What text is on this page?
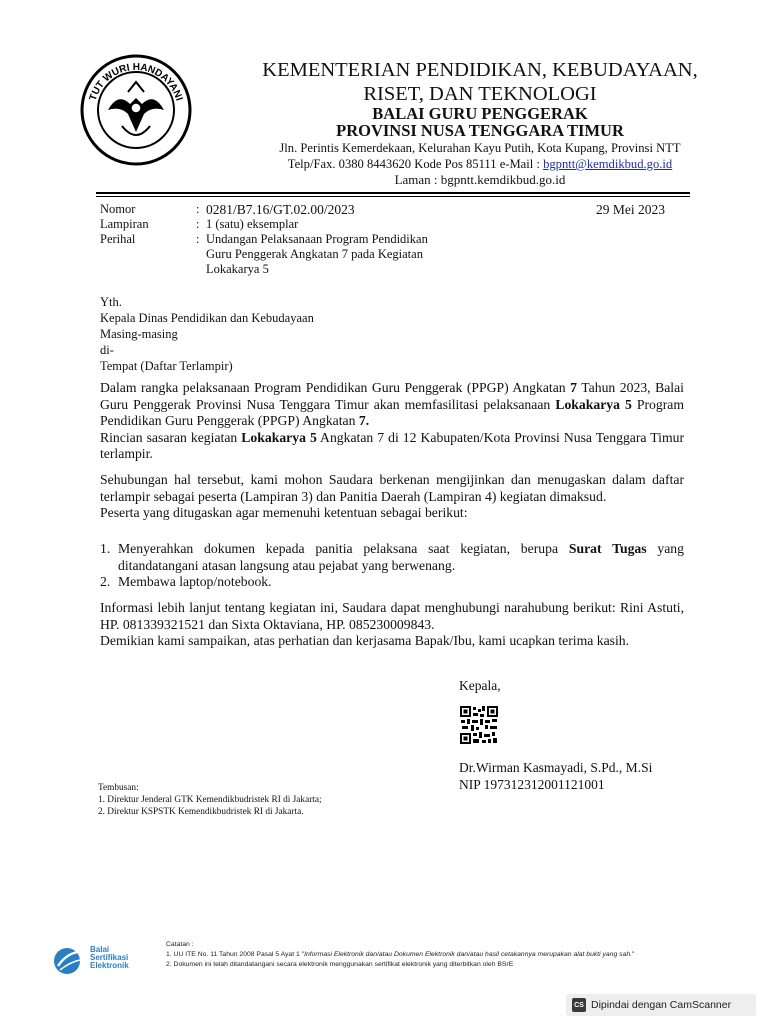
TUT WURI HANDAYANI
KEMENTERIAN PENDIDIKAN, KEBUDAYAAN,
RISET, DAN TEKNOLOGI
BALAI GURU PENGGERAK
PROVINSI NUSA TENGGARA TIMUR
Jln. Perintis Kemerdekaan, Kelurahan Kayu Putih, Kota Kupang, Provinsi NTT
Telp/Fax. 0380 8443620 Kode Pos 85111 e-Mail : bgpntt@kemdikbud.go.id
Laman : bgpntt.kemdikbud.go.id
Nomor	: 0281/B7.16/GT.02.00/2023
Lampiran	: 1 (satu) eksemplar
Perihal	: Undangan Pelaksanaan Program Pendidikan
Guru Penggerak Angkatan 7 pada Kegiatan
Lokakarya 5
29 Mei 2023
Yth.
Kepala Dinas Pendidikan dan Kebudayaan
Masing-masing
di-
Tempat (Daftar Terlampir)
Dalam rangka pelaksanaan Program Pendidikan Guru Penggerak (PPGP) Angkatan 7 Tahun 2023, Balai Guru Penggerak Provinsi Nusa Tenggara Timur akan memfasilitasi pelaksanaan Lokakarya 5 Program Pendidikan Guru Penggerak (PPGP) Angkatan 7.
Rincian sasaran kegiatan Lokakarya 5 Angkatan 7 di 12 Kabupaten/Kota Provinsi Nusa Tenggara Timur terlampir.
Sehubungan hal tersebut, kami mohon Saudara berkenan mengijinkan dan menugaskan dalam daftar terlampir sebagai peserta (Lampiran 3) dan Panitia Daerah (Lampiran 4) kegiatan dimaksud.
Peserta yang ditugaskan agar memenuhi ketentuan sebagai berikut:
1. Menyerahkan dokumen kepada panitia pelaksana saat kegiatan, berupa Surat Tugas yang ditandatangani atasan langsung atau pejabat yang berwenang.
2. Membawa laptop/notebook.
Informasi lebih lanjut tentang kegiatan ini, Saudara dapat menghubungi narahubung berikut: Rini Astuti, HP. 081339321521 dan Sixta Oktaviana, HP. 085230009843.
Demikian kami sampaikan, atas perhatian dan kerjasama Bapak/Ibu, kami ucapkan terima kasih.
Kepala,
Dr.Wirman Kasmayadi, S.Pd., M.Si
NIP 197312312001121001
Tembusan:
1. Direktur Jenderal GTK Kemendikbudristek RI di Jakarta;
2. Direktur KSPSTK Kemendikbudristek RI di Jakarta.
Balai
Sertifikasi
Elektronik
Catatan :
1. UU ITE No. 11 Tahun 2008 Pasal 5 Ayat 1 "Informasi Elektronik dan/atau Dokumen Elektronik dan/atau hasil cetakannya merupakan alat bukti yang sah."
2. Dokumen ini telah ditandatangani secara elektronik menggunakan sertifikat elektronik yang diterbitkan oleh BSrE
CS Dipindai dengan CamScanner
